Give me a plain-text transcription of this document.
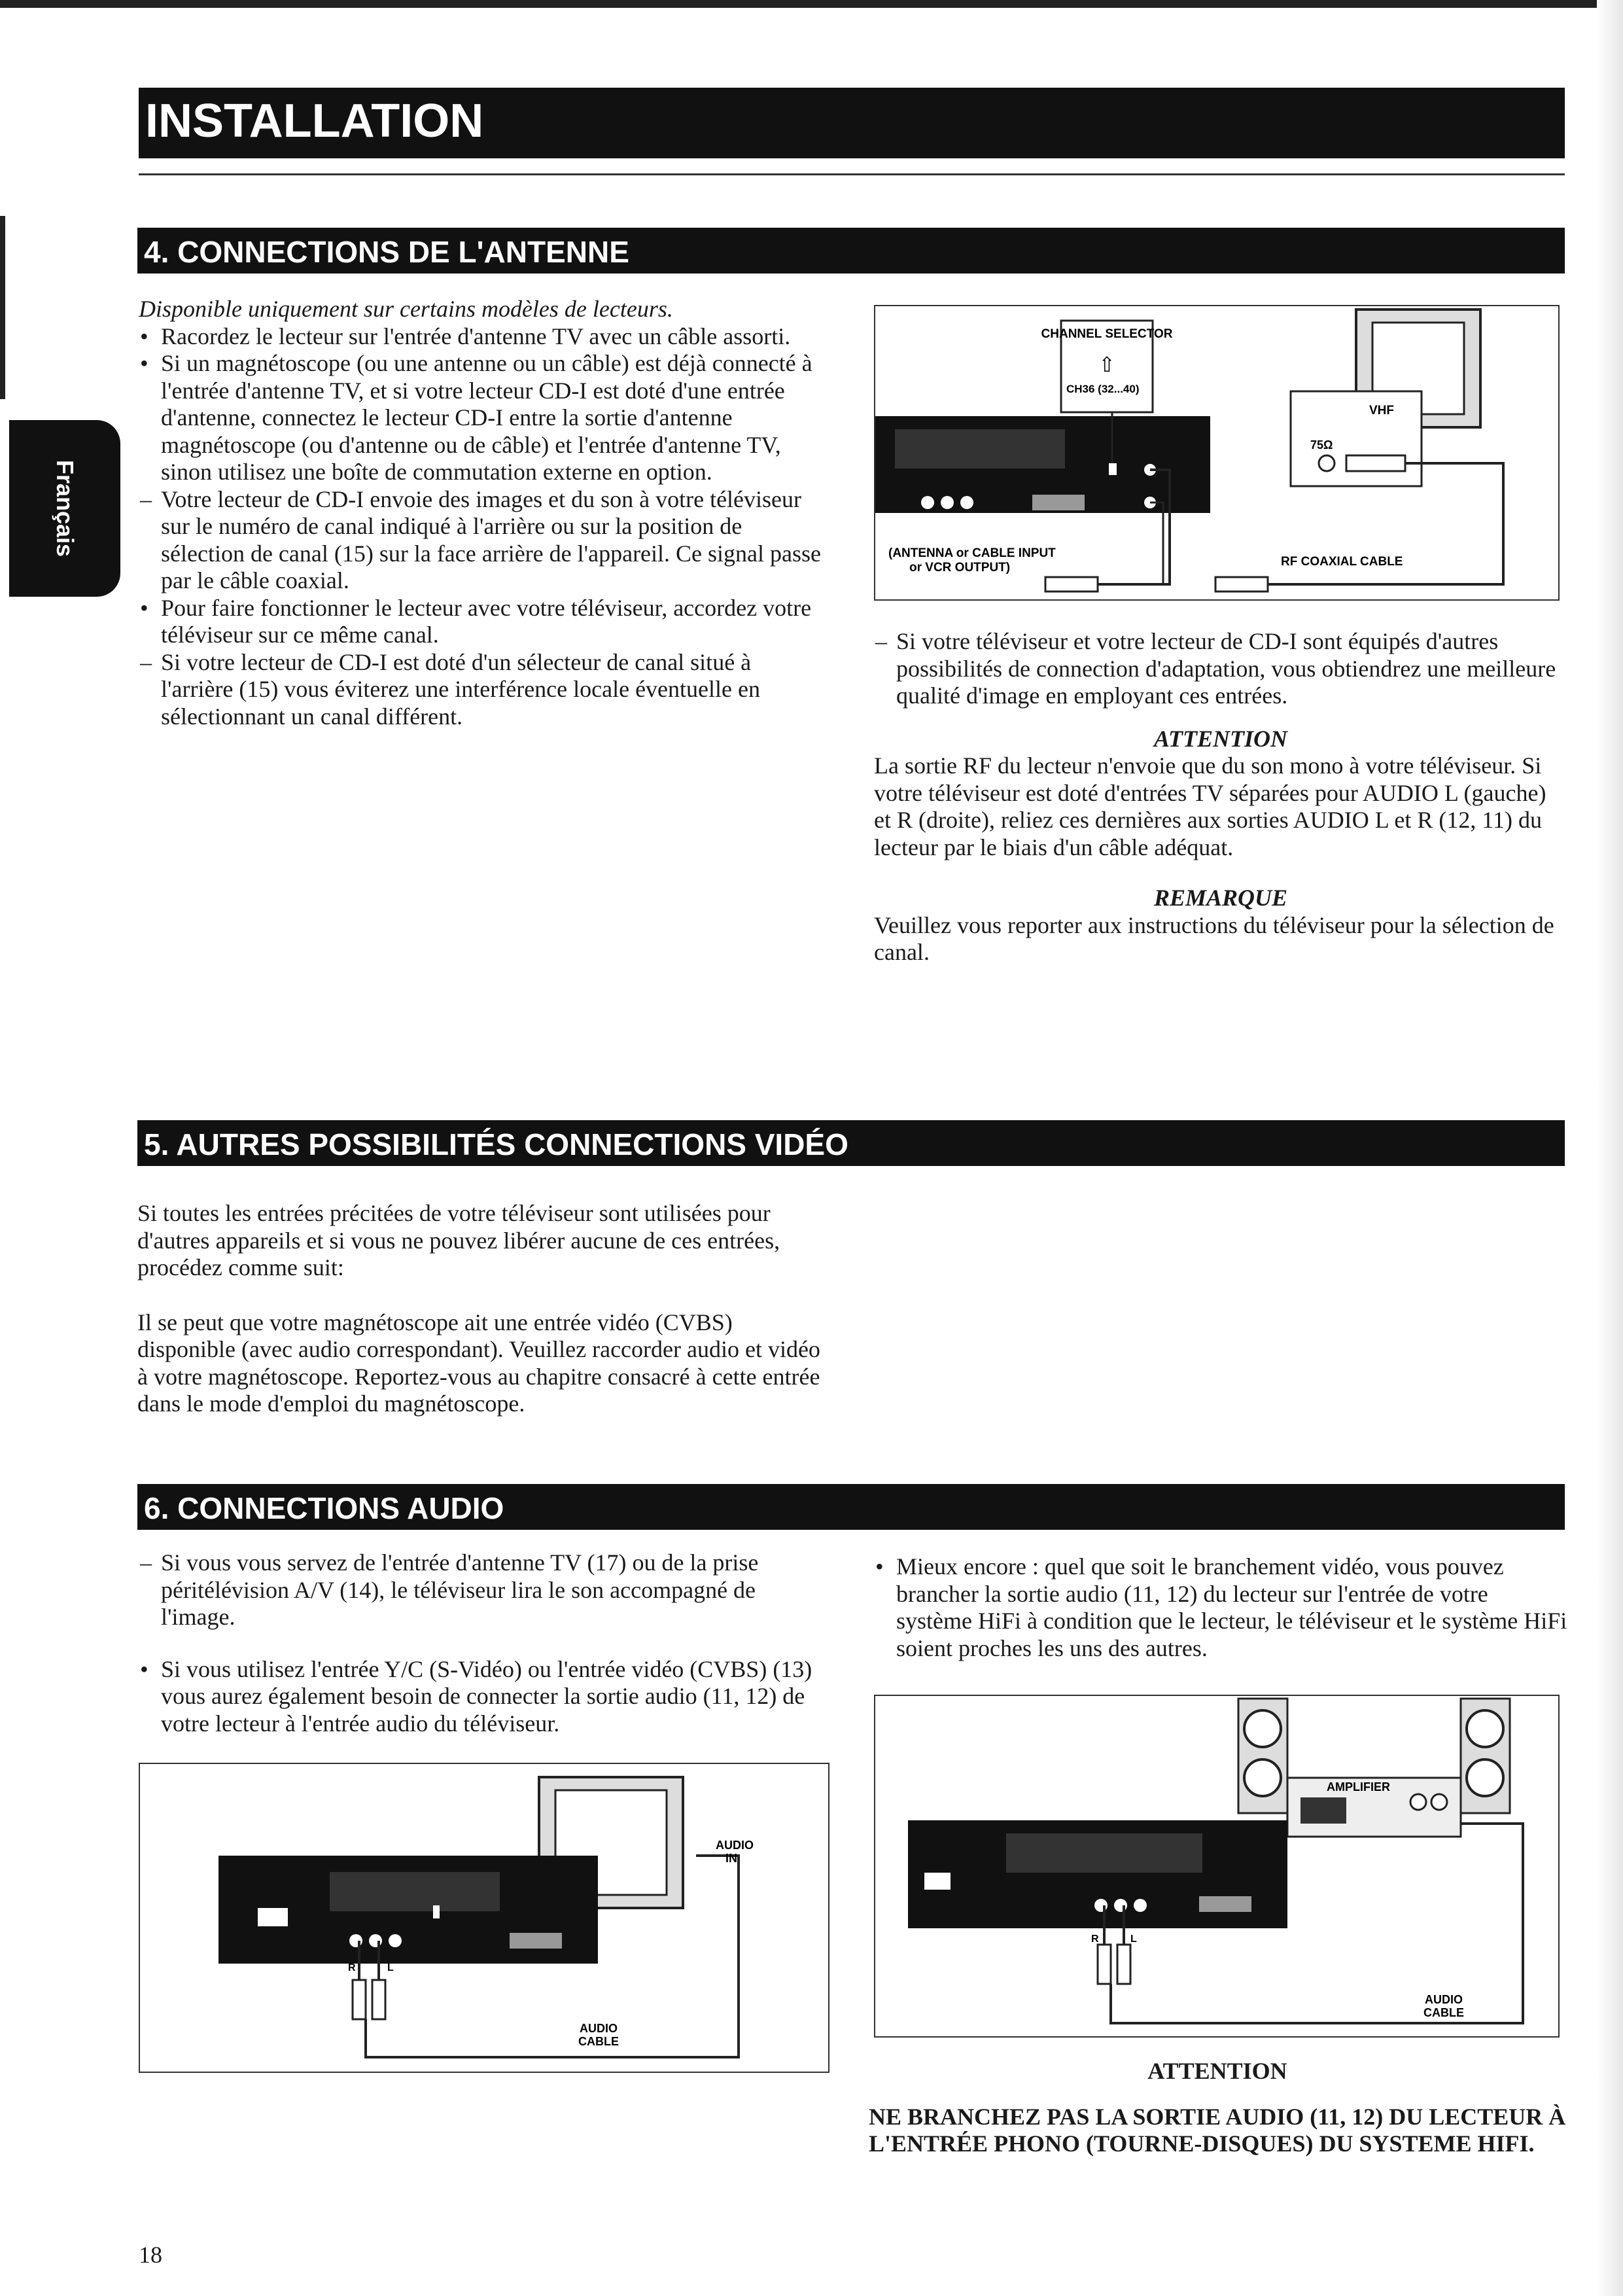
INSTALLATION
Français
4. CONNECTIONS DE L'ANTENNE

Disponible uniquement sur certains modèles de lecteurs.

• Racordez le lecteur sur l'entrée d'antenne TV avec un câble assorti.
• Si un magnétoscope (ou une antenne ou un câble) est déjà connecté à l'entrée d'antenne TV, et si votre lecteur CD-I est doté d'une entrée d'antenne, connectez le lecteur CD-I entre la sortie d'antenne magnétoscope (ou d'antenne ou de câble) et l'entrée d'antenne TV, sinon utilisez une boîte de commutation externe en option.
– Votre lecteur de CD-I envoie des images et du son à votre téléviseur sur le numéro de canal indiqué à l'arrière ou sur la position de sélection de canal (15) sur la face arrière de l'appareil. Ce signal passe par le câble coaxial.
• Pour faire fonctionner le lecteur avec votre téléviseur, accordez votre téléviseur sur ce même canal.
– Si votre lecteur de CD-I est doté d'un sélecteur de canal situé à l'arrière (15) vous éviterez une interférence locale éventuelle en sélectionnant un canal différent.
CHANNEL SELECTOR
CH36 (32...40)
⇧
VHF
75Ω
(ANTENNA or CABLE INPUT
or VCR OUTPUT)	RF COAXIAL CABLE
– Si votre téléviseur et votre lecteur de CD-I sont équipés d'autres possibilités de connection d'adaptation, vous obtiendrez une meilleure qualité d'image en employant ces entrées.

ATTENTION

La sortie RF du lecteur n'envoie que du son mono à votre téléviseur. Si votre téléviseur est doté d'entrées TV séparées pour AUDIO L (gauche) et R (droite), reliez ces dernières aux sorties AUDIO L et R (12, 11) du lecteur par le biais d'un câble adéquat.

REMARQUE

Veuillez vous reporter aux instructions du téléviseur pour la sélection de canal.

5. AUTRES POSSIBILITÉS CONNECTIONS VIDÉO

Si toutes les entrées précitées de votre téléviseur sont utilisées pour d'autres appareils et si vous ne pouvez libérer aucune de ces entrées, procédez comme suit:

Il se peut que votre magnétoscope ait une entrée vidéo (CVBS) disponible (avec audio correspondant). Veuillez raccorder audio et vidéo à votre magnétoscope. Reportez-vous au chapitre consacré à cette entrée dans le mode d'emploi du magnétoscope.

6. CONNECTIONS AUDIO
– Si vous vous servez de l'entrée d'antenne TV (17) ou de la prise péritélévision A/V (14), le téléviseur lira le son accompagné de l'image.
• Si vous utilisez l'entrée Y/C (S-Vidéo) ou l'entrée vidéo (CVBS) (13) vous aurez également besoin de connecter la sortie audio (11, 12) de votre lecteur à l'entrée audio du téléviseur.
• Mieux encore : quel que soit le branchement vidéo, vous pouvez brancher la sortie audio (11, 12) du lecteur sur l'entrée de votre système HiFi à condition que le lecteur, le téléviseur et le système HiFi soient proches les uns des autres.
R	L
AUDIO
IN
AUDIO
CABLE
AMPLIFIER
R	L
AUDIO
CABLE

ATTENTION

NE BRANCHEZ PAS LA SORTIE AUDIO (11, 12) DU LECTEUR À L'ENTRÉE PHONO (TOURNE-DISQUES) DU SYSTEME HIFI.

18
